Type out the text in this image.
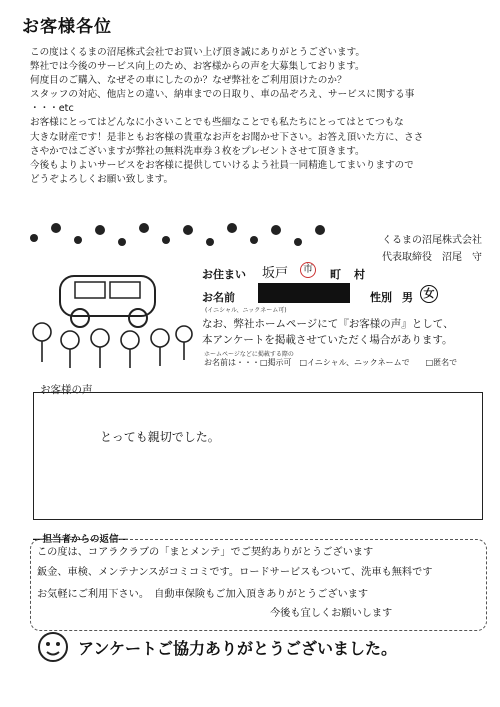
お客様各位
この度はくるまの沼尾株式会社でお買い上げ頂き誠にありがとうございます。
弊社では今後のサービス向上のため、お客様からの声を大募集しております。
何度目のご購入、なぜその車にしたのか？なぜ弊社をご利用頂けたのか？
スタッフの対応、他店との違い、納車までの日取り、車の品ぞろえ、サービスに関する事
・・・etc
お客様にとってはどんなに小さいことでも些細なことでも私たちにとってはとてつもな
大きな財産です！是非ともお客様の貴重なお声をお聞かせ下さい。お答え頂いた方に、ささ
さやかではございますが弊社の無料洗車券３枚をプレゼントさせて頂きます。
今後もよりよいサービスをお客様に提供していけるよう社員一同精進してまいりますので
どうぞよろしくお願い致します。
くるまの沼尾株式会社
代表取締役　沼尾　守
お住まい 坂戸	市 町 村
お名前
(イニシャル、ニックネーム可)
性別 男 女
なお、弊社ホームページにて『お客様の声』として、
本アンケートを掲載させていただく場合があります。
ホームページなどに掲載する際の
お名前は・・・□掲示可　□イニシャル、ニックネームで　　□匿名で
お客様の声
とっても親切でした。
―担当者からの返信―
この度は、コアラクラブの「まとメンテ」でご契約ありがとうございます
鈑金、車検、メンテナンスがコミコミです。ロードサービスもついて、洗車も無料です
お気軽にご利用下さい。　自動車保険もご加入頂きありがとうございます
今後も宜しくお願いします
アンケートご協力ありがとうございました。
